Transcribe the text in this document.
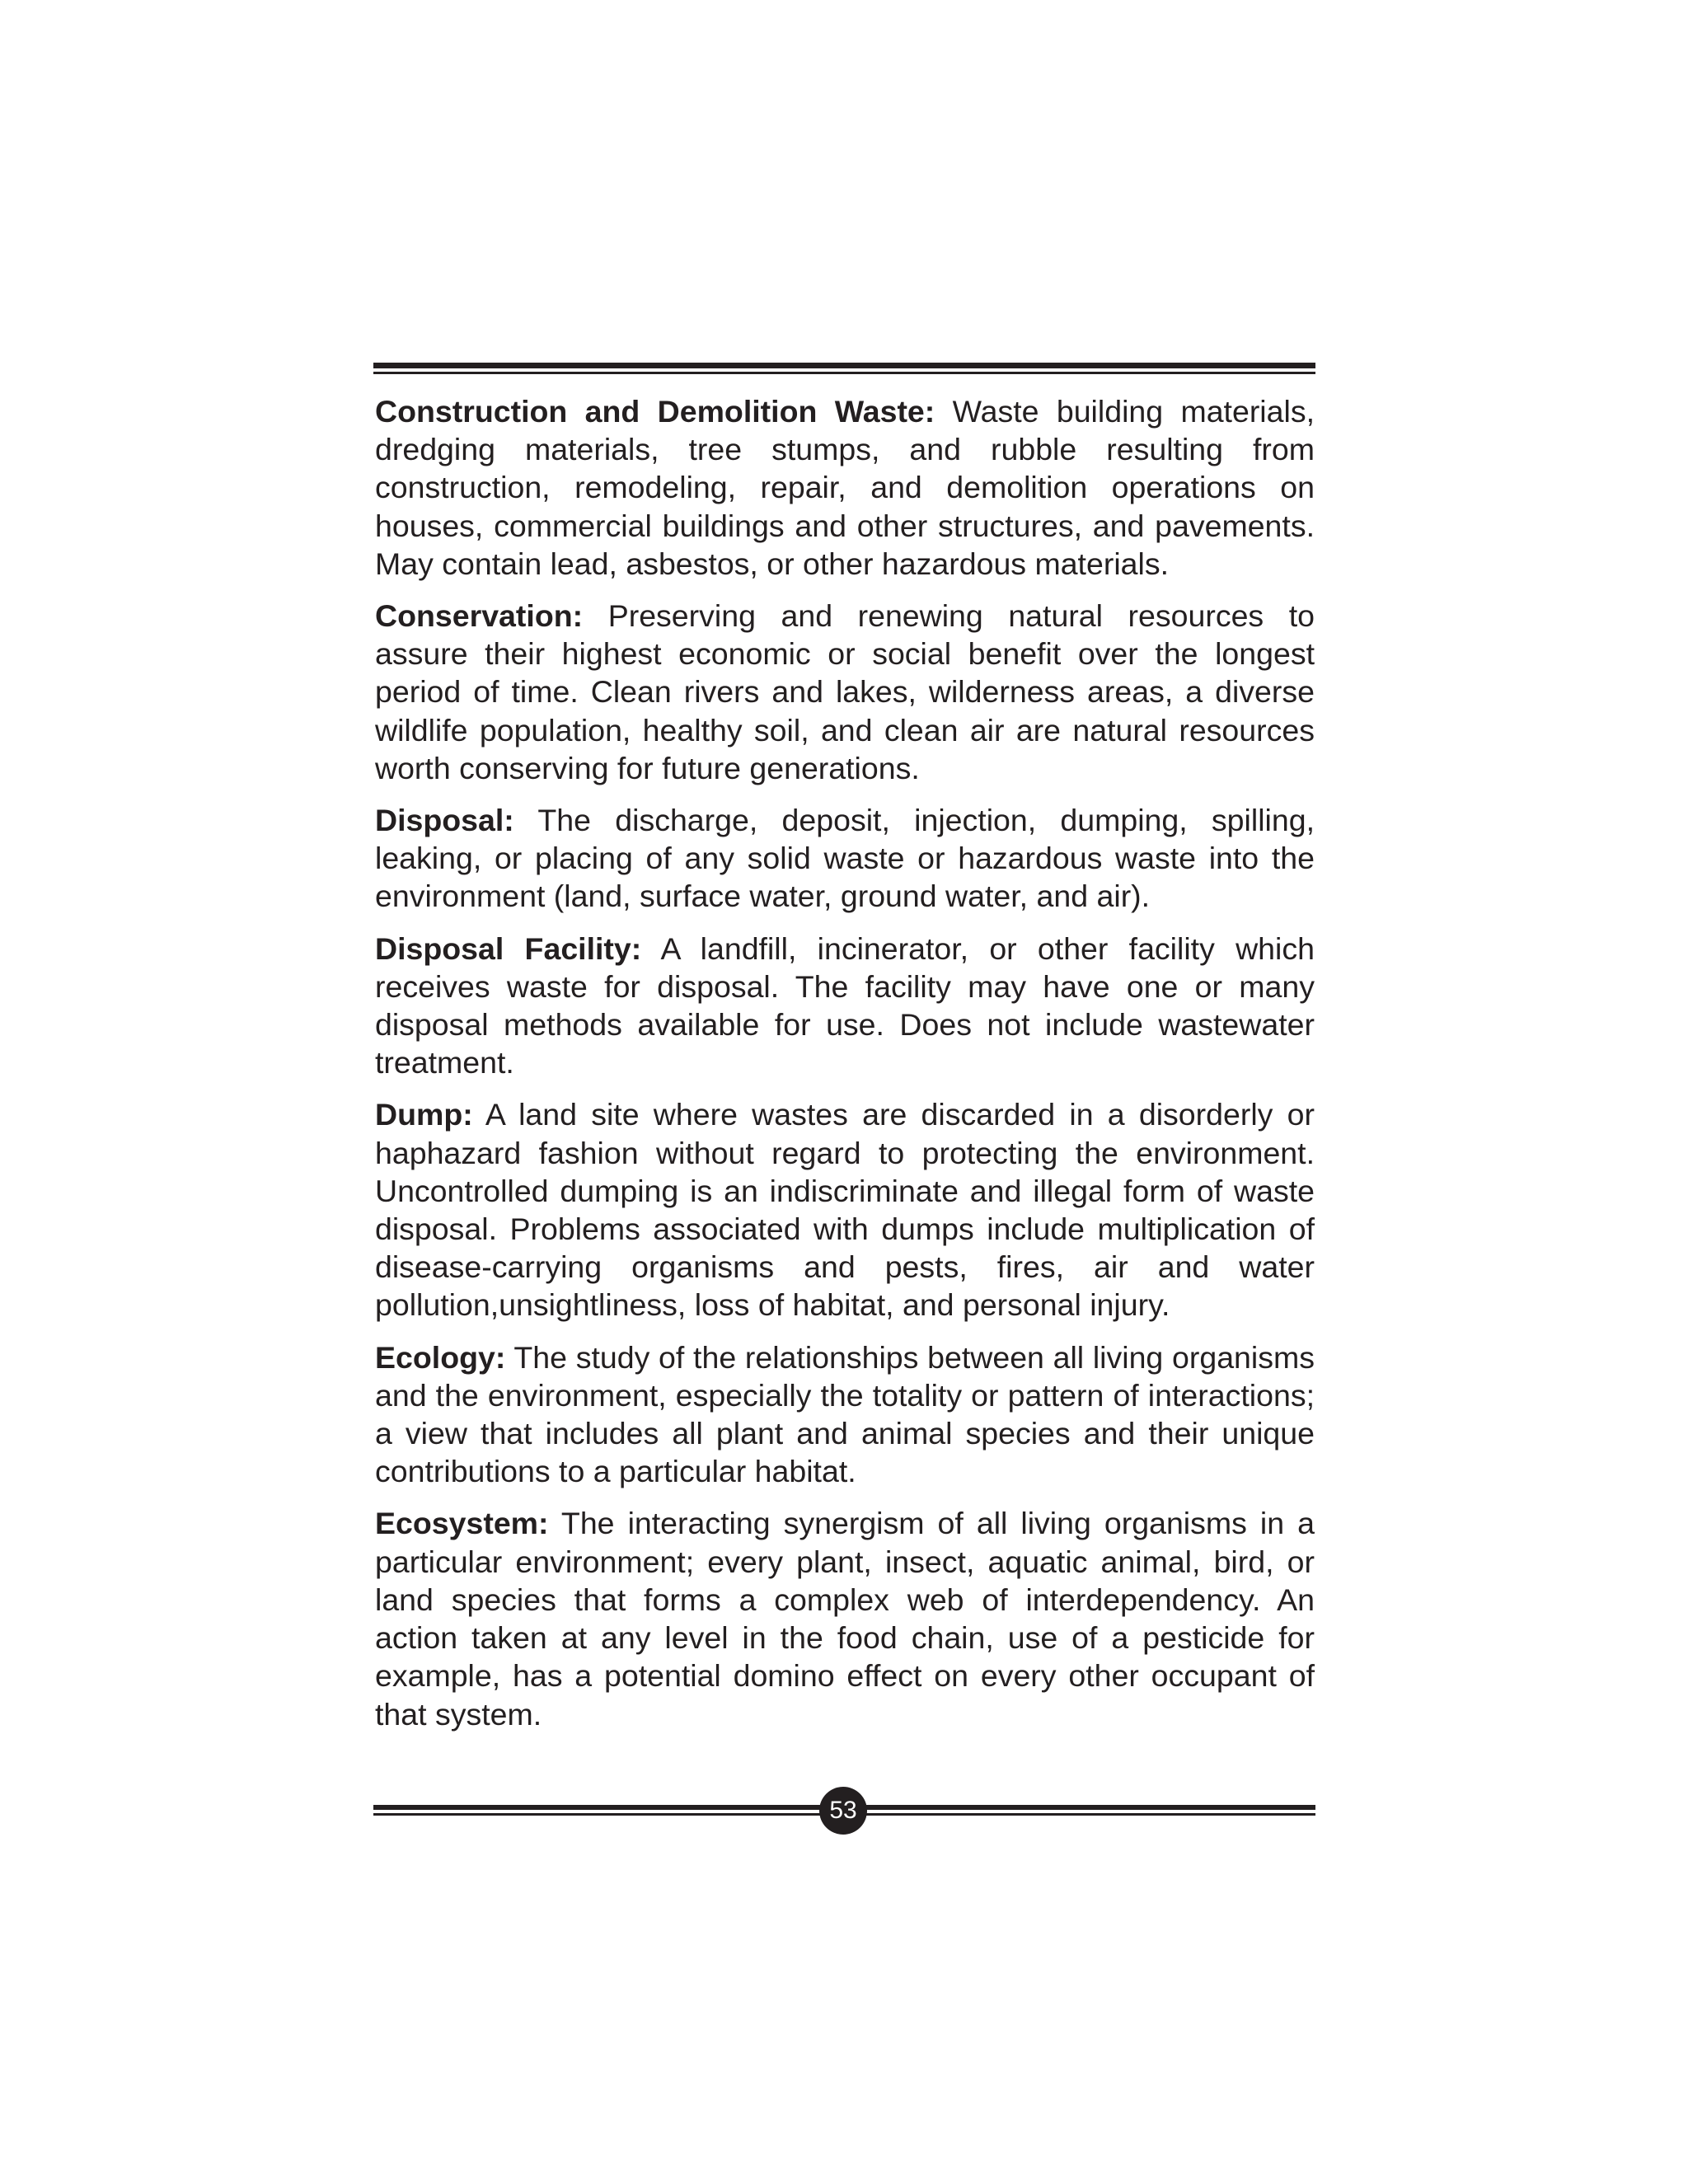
Construction and Demolition Waste: Waste building materials, dredging materials, tree stumps, and rubble resulting from construction, remodeling, repair, and demolition operations on houses, commercial buildings and other structures, and pavements. May contain lead, asbestos, or other hazardous materials.

Conservation: Preserving and renewing natural resources to assure their highest economic or social benefit over the longest period of time. Clean rivers and lakes, wilderness areas, a diverse wildlife population, healthy soil, and clean air are natural resources worth conserving for future generations.

Disposal: The discharge, deposit, injection, dumping, spilling, leaking, or placing of any solid waste or hazardous waste into the environment (land, surface water, ground water, and air).

Disposal Facility: A landfill, incinerator, or other facility which receives waste for disposal. The facility may have one or many disposal methods available for use. Does not include wastewater treatment.

Dump: A land site where wastes are discarded in a disorderly or haphazard fashion without regard to protecting the environment. Uncontrolled dumping is an indiscriminate and illegal form of waste disposal. Problems associated with dumps include multiplication of disease-carrying organisms and pests, fires, air and water pollution,unsightliness, loss of habitat, and personal injury.

Ecology: The study of the relationships between all living organisms and the environment, especially the totality or pattern of interactions; a view that includes all plant and animal species and their unique contributions to a particular habitat.

Ecosystem: The interacting synergism of all living organisms in a particular environment; every plant, insect, aquatic animal, bird, or land species that forms a complex web of interdependency. An action taken at any level in the food chain, use of a pesticide for example, has a potential domino effect on every other occupant of that system.

53
